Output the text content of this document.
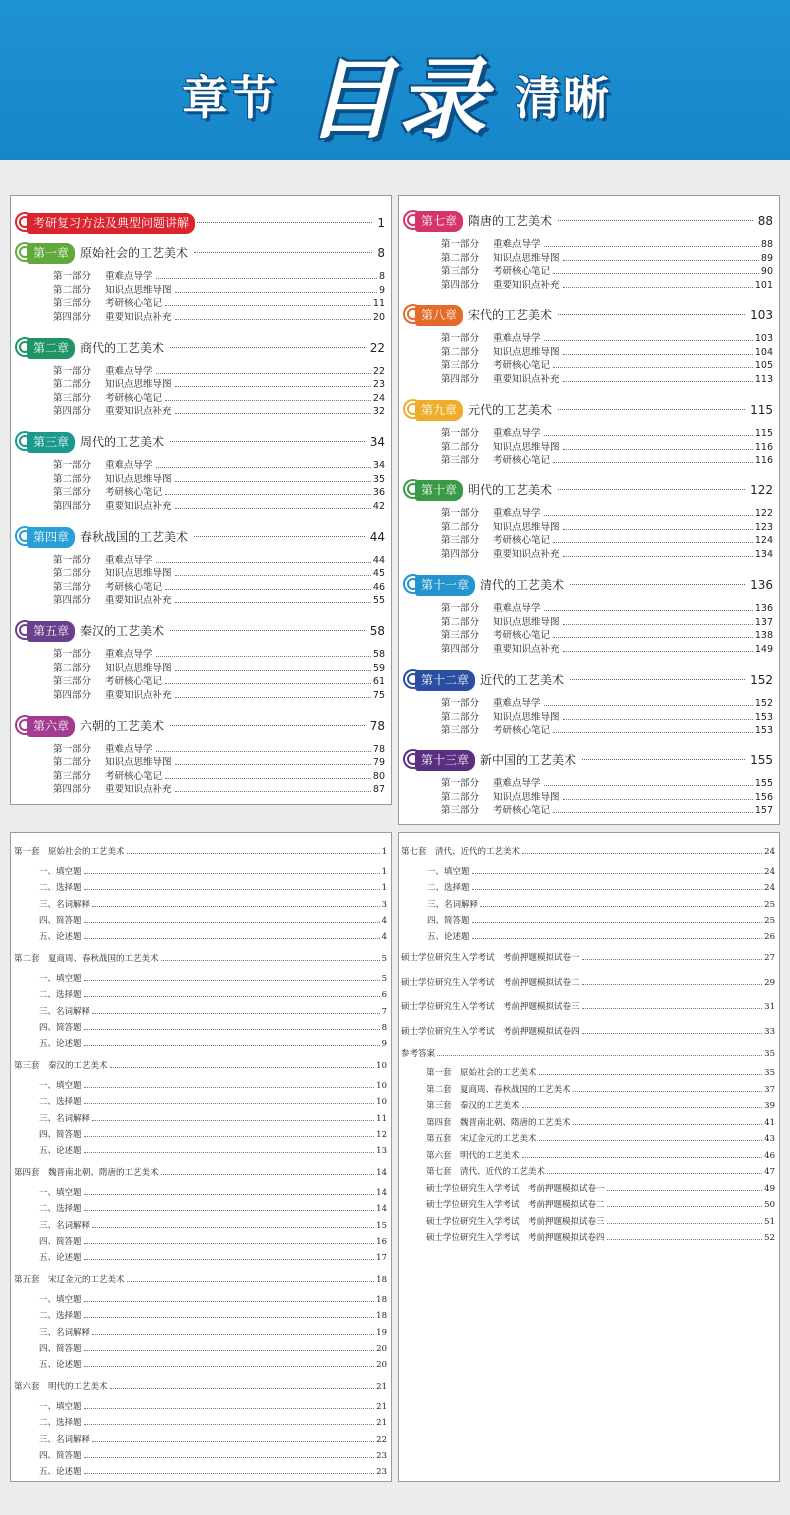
章节 目录 清晰
考研复习方法及典型问题讲解	1
第一章 原始社会的工艺美术	8
第一部分 重难点导学	8
第二部分 知识点思维导图	9
第三部分 考研核心笔记	11
第四部分 重要知识点补充	20
第二章 商代的工艺美术	22
第一部分 重难点导学	22
第二部分 知识点思维导图	23
第三部分 考研核心笔记	24
第四部分 重要知识点补充	32
第三章 周代的工艺美术	34
第一部分 重难点导学	34
第二部分 知识点思维导图	35
第三部分 考研核心笔记	36
第四部分 重要知识点补充	42
第四章 春秋战国的工艺美术	44
第一部分 重难点导学	44
第二部分 知识点思维导图	45
第三部分 考研核心笔记	46
第四部分 重要知识点补充	55
第五章 秦汉的工艺美术	58
第一部分 重难点导学	58
第二部分 知识点思维导图	59
第三部分 考研核心笔记	61
第四部分 重要知识点补充	75
第六章 六朝的工艺美术	78
第一部分 重难点导学	78
第二部分 知识点思维导图	79
第三部分 考研核心笔记	80
第四部分 重要知识点补充	87
第七章 隋唐的工艺美术	88
第一部分 重难点导学	88
第二部分 知识点思维导图	89
第三部分 考研核心笔记	90
第四部分 重要知识点补充	101
第八章 宋代的工艺美术	103
第一部分 重难点导学	103
第二部分 知识点思维导图	104
第三部分 考研核心笔记	105
第四部分 重要知识点补充	113
第九章 元代的工艺美术	115
第一部分 重难点导学	115
第二部分 知识点思维导图	116
第三部分 考研核心笔记	116
第十章 明代的工艺美术	122
第一部分 重难点导学	122
第二部分 知识点思维导图	123
第三部分 考研核心笔记	124
第四部分 重要知识点补充	134
第十一章 清代的工艺美术	136
第一部分 重难点导学	136
第二部分 知识点思维导图	137
第三部分 考研核心笔记	138
第四部分 重要知识点补充	149
第十二章 近代的工艺美术	152
第一部分 重难点导学	152
第二部分 知识点思维导图	153
第三部分 考研核心笔记	153
第十三章 新中国的工艺美术	155
第一部分 重难点导学	155
第二部分 知识点思维导图	156
第三部分 考研核心笔记	157
第一套　原始社会的工艺美术	1
一、填空题	1
二、选择题	1
三、名词解释	3
四、简答题	4
五、论述题	4
第二套　夏商周、春秋战国的工艺美术	5
一、填空题	5
二、选择题	6
三、名词解释	7
四、简答题	8
五、论述题	9
第三套　秦汉的工艺美术	10
一、填空题	10
二、选择题	10
三、名词解释	11
四、简答题	12
五、论述题	13
第四套　魏晋南北朝、隋唐的工艺美术	14
一、填空题	14
二、选择题	14
三、名词解释	15
四、简答题	16
五、论述题	17
第五套　宋辽金元的工艺美术	18
一、填空题	18
二、选择题	18
三、名词解释	19
四、简答题	20
五、论述题	20
第六套　明代的工艺美术	21
一、填空题	21
二、选择题	21
三、名词解释	22
四、简答题	23
五、论述题	23
第七套　清代、近代的工艺美术	24
一、填空题	24
二、选择题	24
三、名词解释	25
四、简答题	25
五、论述题	26
硕士学位研究生入学考试　考前押题模拟试卷一	27
硕士学位研究生入学考试　考前押题模拟试卷二	29
硕士学位研究生入学考试　考前押题模拟试卷三	31
硕士学位研究生入学考试　考前押题模拟试卷四	33
参考答案	35
第一套　原始社会的工艺美术	35
第二套　夏商周、春秋战国的工艺美术	37
第三套　秦汉的工艺美术	39
第四套　魏晋南北朝、隋唐的工艺美术	41
第五套　宋辽金元的工艺美术	43
第六套　明代的工艺美术	46
第七套　清代、近代的工艺美术	47
硕士学位研究生入学考试　考前押题模拟试卷一	49
硕士学位研究生入学考试　考前押题模拟试卷二	50
硕士学位研究生入学考试　考前押题模拟试卷三	51
硕士学位研究生入学考试　考前押题模拟试卷四	52
